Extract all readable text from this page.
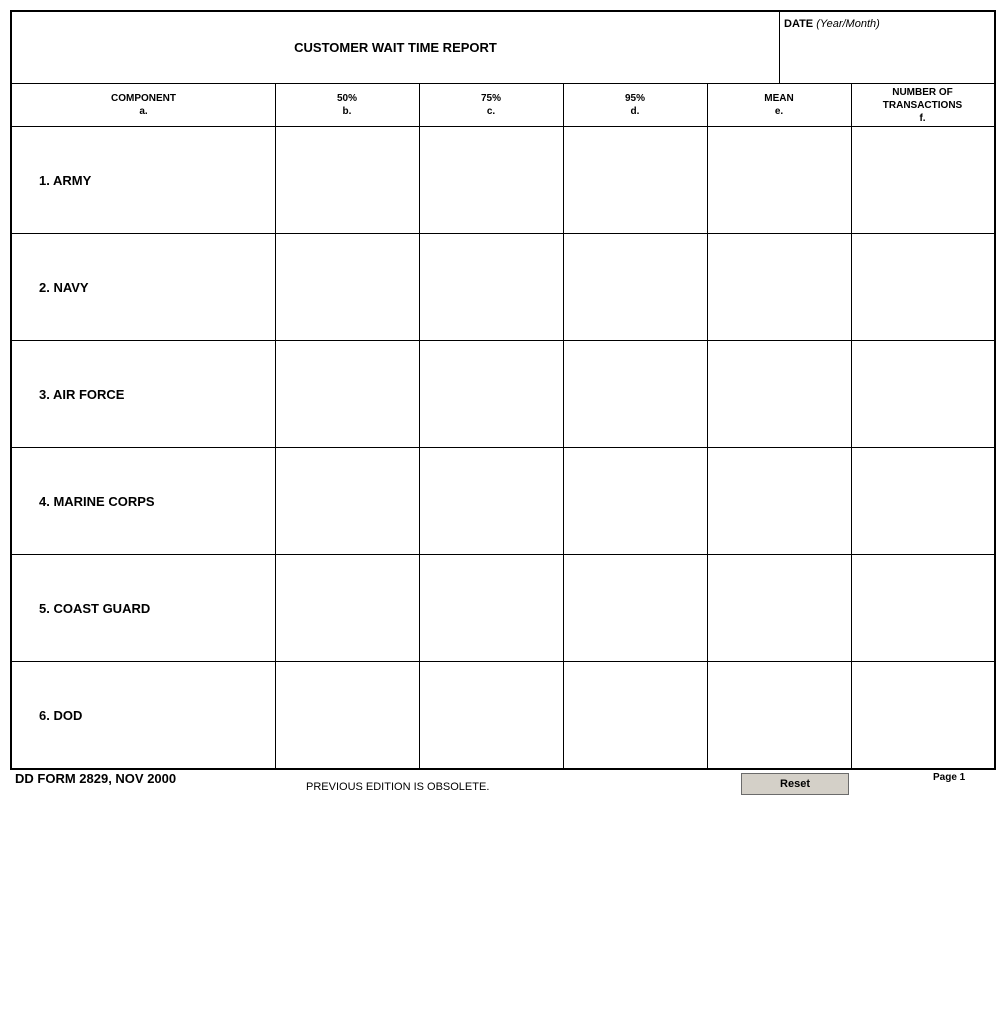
CUSTOMER WAIT TIME REPORT
DATE (Year/Month)
COMPONENT
a.
50%
b.
75%
c.
95%
d.
MEAN
e.
NUMBER OF
TRANSACTIONS
f.
1. ARMY
2. NAVY
3. AIR FORCE
4. MARINE CORPS
5. COAST GUARD
6. DOD
DD FORM 2829, NOV 2000
PREVIOUS EDITION IS OBSOLETE.	Reset
Page 1
